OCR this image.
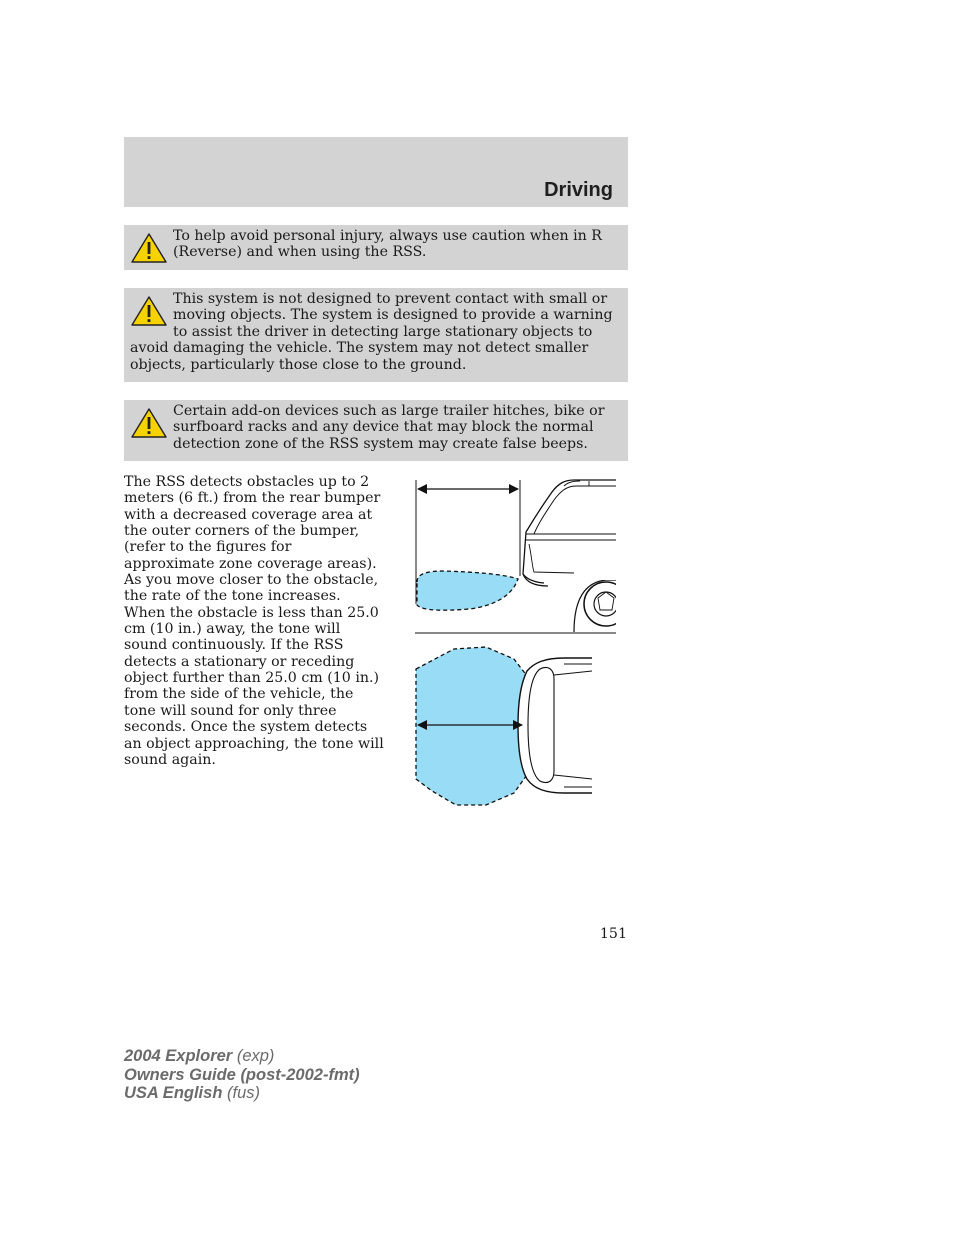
Driving

To help avoid personal injury, always use caution when in R (Reverse) and when using the RSS.

This system is not designed to prevent contact with small or moving objects. The system is designed to provide a warning to assist the driver in detecting large stationary objects to avoid damaging the vehicle. The system may not detect smaller objects, particularly those close to the ground.

Certain add-on devices such as large trailer hitches, bike or surfboard racks and any device that may block the normal detection zone of the RSS system may create false beeps.

The RSS detects obstacles up to 2 meters (6 ft.) from the rear bumper with a decreased coverage area at the outer corners of the bumper, (refer to the figures for approximate zone coverage areas). As you move closer to the obstacle, the rate of the tone increases. When the obstacle is less than 25.0 cm (10 in.) away, the tone will sound continuously. If the RSS detects a stationary or receding object further than 25.0 cm (10 in.) from the side of the vehicle, the tone will sound for only three seconds. Once the system detects an object approaching, the tone will sound again.

151
2004 Explorer (exp)
Owners Guide (post-2002-fmt)
USA English (fus)
